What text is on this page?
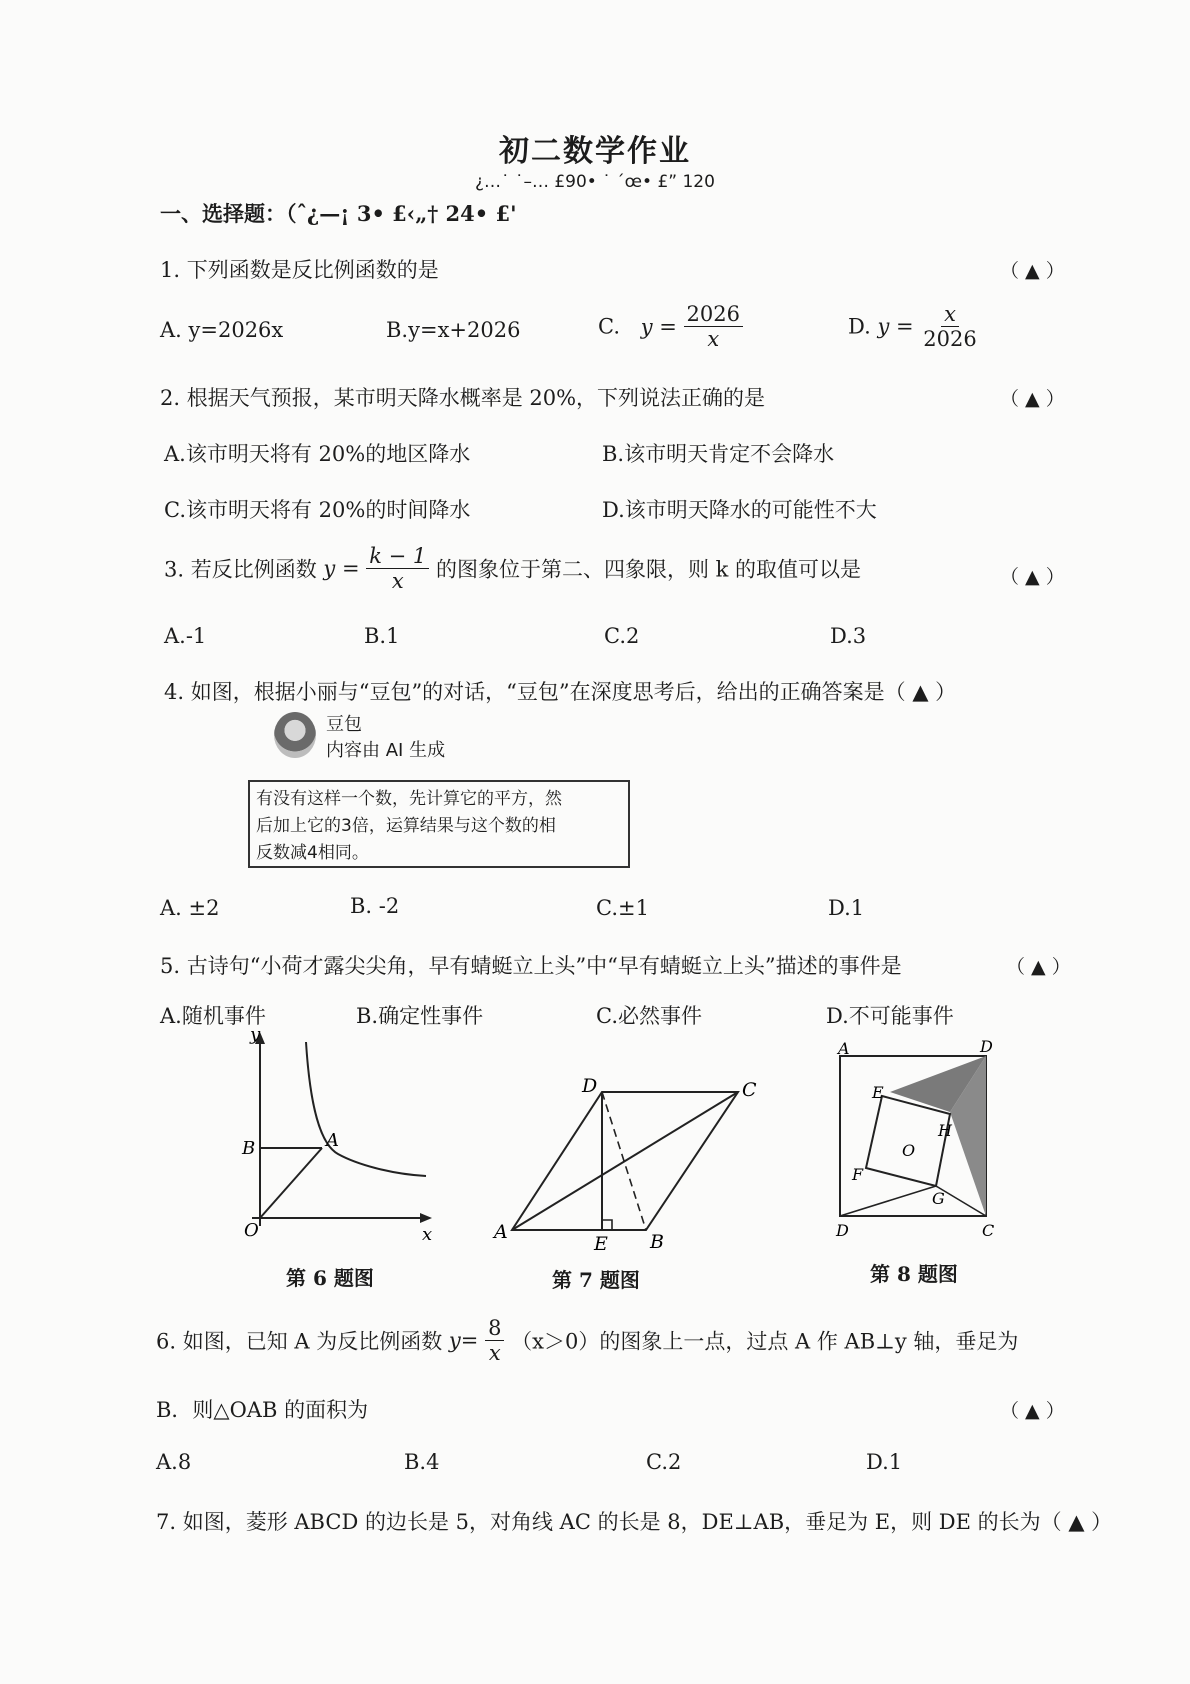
初二数学作业
¿…˙ ˙–… £90• ˙ ´œ• £” 120
一、选择题：（ˆ¿—¡ 3• £‹„† 24• £'
1. 下列函数是反比例函数的是	（ ▲ ）
A. y=2026x	B.y=x+2026	C. $y = \frac{2026}{x}$	D. $y = \frac{x}{2026}$
2. 根据天气预报，某市明天降水概率是 20%，下列说法正确的是	（ ▲ ）
A.该市明天将有 20%的地区降水	B.该市明天肯定不会降水
C.该市明天将有 20%的时间降水	D.该市明天降水的可能性不大
3. 若反比例函数 $y = \frac{k - 1}{x}$ 的图象位于第二、四象限，则 k 的取值可以是	（ ▲ ）
A.-1	B.1	C.2	D.3
4. 如图，根据小丽与“豆包”的对话，“豆包”在深度思考后，给出的正确答案是（ ▲ ）
豆包
内容由 AI 生成
有没有这样一个数，先计算它的平方，然
后加上它的3倍，运算结果与这个数的相
反数减4相同。
A. ±2	B. -2	C.±1	D.1
5. 古诗句“小荷才露尖尖角，早有蜻蜓立上头”中“早有蜻蜓立上头”描述的事件是	（ ▲ ）
A.随机事件	B.确定性事件	C.必然事件	D.不可能事件
y
x
O
A
B
第 6 题图
A	B
C
D
E
第 7 题图
A	D
D	C
E
F
G
H
O
第 8 题图
6. 如图，已知 A 为反比例函数 $y= \frac{8}{x} (x>0)$的图象上一点，过点 A 作 AB⊥y 轴，垂足为
B．则△OAB 的面积为	（ ▲ ）
A.8	B.4	C.2	D.1
7. 如图，菱形 ABCD 的边长是 5，对角线 AC 的长是 8，DE⊥AB，垂足为 E，则 DE 的长为（ ▲ ）
